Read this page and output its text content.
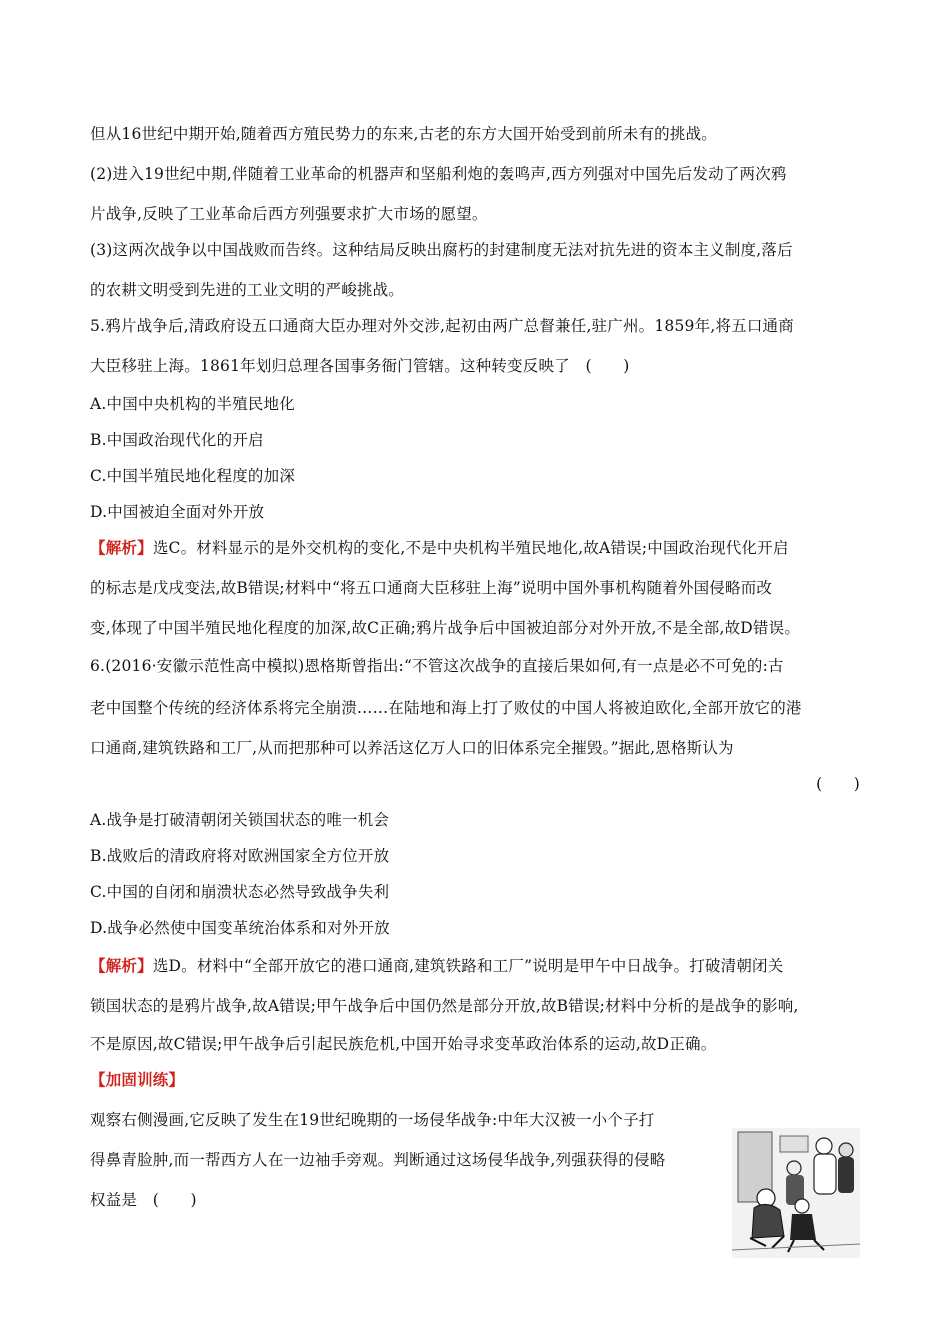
但从16世纪中期开始,随着西方殖民势力的东来,古老的东方大国开始受到前所未有的挑战。
(2)进入19世纪中期,伴随着工业革命的机器声和坚船利炮的轰鸣声,西方列强对中国先后发动了两次鸦
片战争,反映了工业革命后西方列强要求扩大市场的愿望。
(3)这两次战争以中国战败而告终。这种结局反映出腐朽的封建制度无法对抗先进的资本主义制度,落后
的农耕文明受到先进的工业文明的严峻挑战。
5.鸦片战争后,清政府设五口通商大臣办理对外交涉,起初由两广总督兼任,驻广州。1859年,将五口通商
大臣移驻上海。1861年划归总理各国事务衙门管辖。这种转变反映了　(　　)
A.中国中央机构的半殖民地化
B.中国政治现代化的开启
C.中国半殖民地化程度的加深
D.中国被迫全面对外开放
【解析】选C。材料显示的是外交机构的变化,不是中央机构半殖民地化,故A错误;中国政治现代化开启
的标志是戊戌变法,故B错误;材料中“将五口通商大臣移驻上海”说明中国外事机构随着外国侵略而改
变,体现了中国半殖民地化程度的加深,故C正确;鸦片战争后中国被迫部分对外开放,不是全部,故D错误。
6.(2016·安徽示范性高中模拟)恩格斯曾指出:“不管这次战争的直接后果如何,有一点是必不可免的:古
老中国整个传统的经济体系将完全崩溃……在陆地和海上打了败仗的中国人将被迫欧化,全部开放它的港
口通商,建筑铁路和工厂,从而把那种可以养活这亿万人口的旧体系完全摧毁。”据此,恩格斯认为
(　　)
A.战争是打破清朝闭关锁国状态的唯一机会
B.战败后的清政府将对欧洲国家全方位开放
C.中国的自闭和崩溃状态必然导致战争失利
D.战争必然使中国变革统治体系和对外开放
【解析】选D。材料中“全部开放它的港口通商,建筑铁路和工厂”说明是甲午中日战争。打破清朝闭关
锁国状态的是鸦片战争,故A错误;甲午战争后中国仍然是部分开放,故B错误;材料中分析的是战争的影响,
不是原因,故C错误;甲午战争后引起民族危机,中国开始寻求变革政治体系的运动,故D正确。
【加固训练】
观察右侧漫画,它反映了发生在19世纪晚期的一场侵华战争:中年大汉被一小个子打
得鼻青脸肿,而一帮西方人在一边袖手旁观。判断通过这场侵华战争,列强获得的侵略
权益是　(　　)
